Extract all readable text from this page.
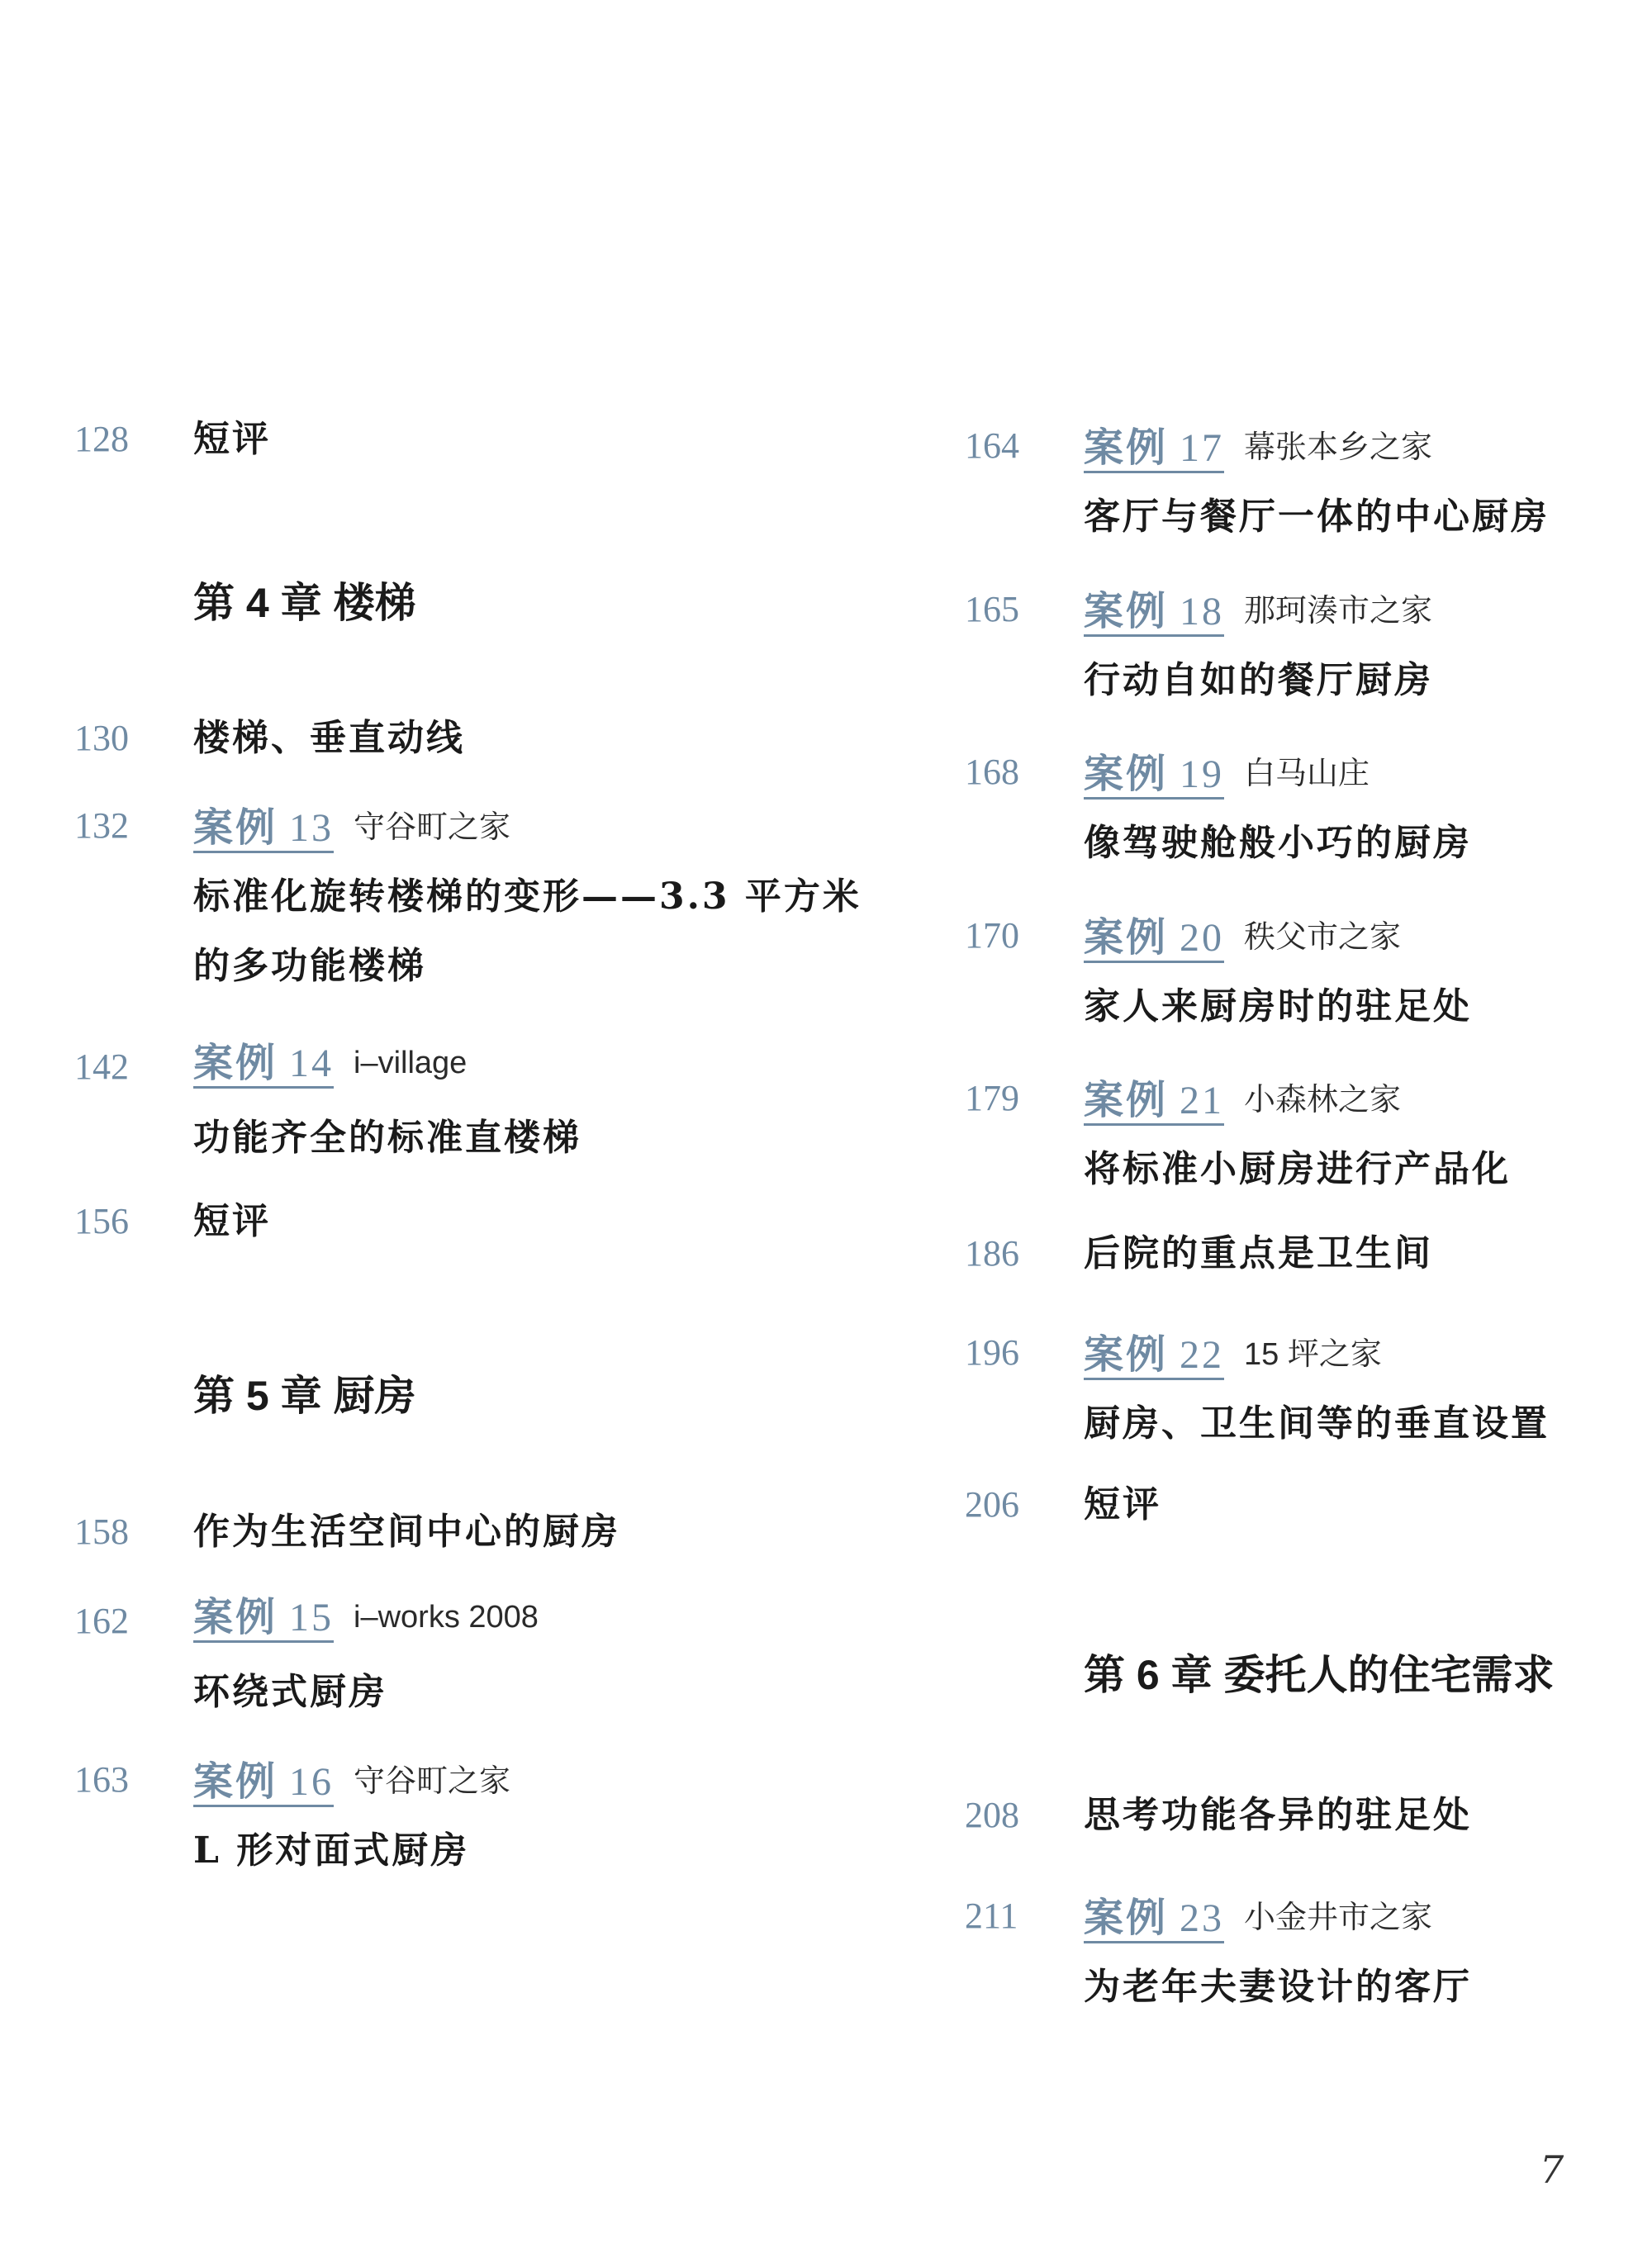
128	短评
第 4 章 楼梯
130	楼梯、垂直动线
132	案例 13 守谷町之家
标准化旋转楼梯的变形——3.3 平方米
的多功能楼梯
142	案例 14 i–village
功能齐全的标准直楼梯
156	短评
第 5 章 厨房
158	作为生活空间中心的厨房
162	案例 15 i–works 2008
环绕式厨房
163	案例 16 守谷町之家
L 形对面式厨房
164	案例 17 幕张本乡之家
客厅与餐厅一体的中心厨房
165	案例 18 那珂湊市之家
行动自如的餐厅厨房
168	案例 19 白马山庄
像驾驶舱般小巧的厨房
170	案例 20 秩父市之家
家人来厨房时的驻足处
179	案例 21 小森林之家
将标准小厨房进行产品化
186	后院的重点是卫生间
196	案例 22 15 坪之家
厨房、卫生间等的垂直设置
206	短评
第 6 章 委托人的住宅需求
208	思考功能各异的驻足处
211	案例 23 小金井市之家
为老年夫妻设计的客厅
7
